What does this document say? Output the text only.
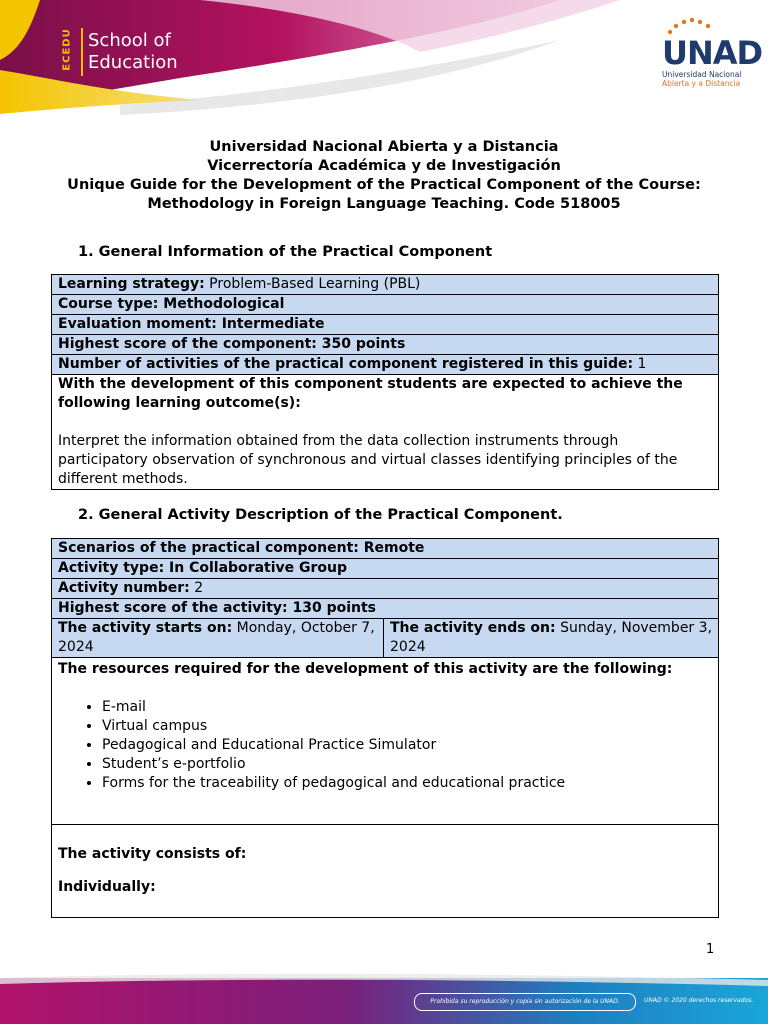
ECEDU School of
Education	UNAD
Universidad Nacional
Abierta y a Distancia
Universidad Nacional Abierta y a Distancia
Vicerrectoría Académica y de Investigación
Unique Guide for the Development of the Practical Component of the Course:
Methodology in Foreign Language Teaching. Code 518005
1. General Information of the Practical Component
Learning strategy: Problem-Based Learning (PBL)
Course type: Methodological
Evaluation moment: Intermediate
Highest score of the component: 350 points
Number of activities of the practical component registered in this guide: 1

With the development of this component students are expected to achieve the following learning outcome(s):

Interpret the information obtained from the data collection instruments through participatory observation of synchronous and virtual classes identifying principles of the different methods.

2. General Activity Description of the Practical Component.
Scenarios of the practical component: Remote
Activity type: In Collaborative Group
Activity number: 2
Highest score of the activity: 130 points
The activity starts on: Monday, October 7, 2024	The activity ends on: Sunday, November 3, 2024

The resources required for the development of this activity are the following:
• E-mail
• Virtual campus
• Pedagogical and Educational Practice Simulator
• Student’s e-portfolio
• Forms for the traceability of pedagogical and educational practice

The activity consists of:
Individually:
1
Prohibida su reproducción y copia sin autorización de la UNAD.	UNAD © 2020 derechos reservados.
